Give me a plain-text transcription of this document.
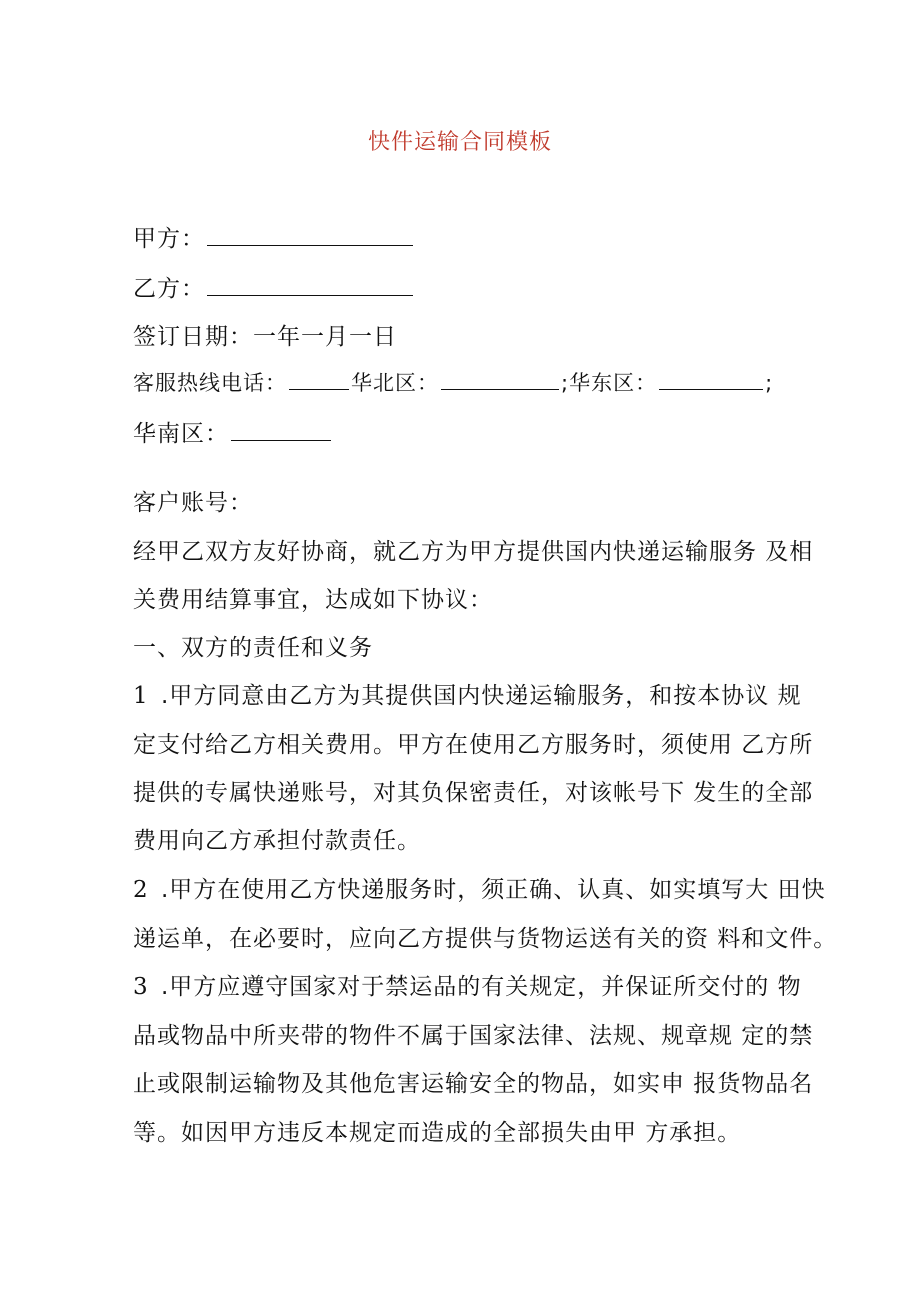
快件运输合同模板
甲方：
乙方：
签订日期：一年一月一日
客服热线电话：	华北区：	;华东区：	;
华南区：
客户账号：
经甲乙双方友好协商，就乙方为甲方提供国内快递运输服务 及相
关费用结算事宜，达成如下协议：
一、双方的责任和义务
1 .甲方同意由乙方为其提供国内快递运输服务，和按本协议 规
定支付给乙方相关费用。甲方在使用乙方服务时，须使用 乙方所
提供的专属快递账号，对其负保密责任，对该帐号下 发生的全部
费用向乙方承担付款责任。
2 .甲方在使用乙方快递服务时，须正确、认真、如实填写大 田快
递运单，在必要时，应向乙方提供与货物运送有关的资 料和文件。
3 .甲方应遵守国家对于禁运品的有关规定，并保证所交付的 物
品或物品中所夹带的物件不属于国家法律、法规、规章规 定的禁
止或限制运输物及其他危害运输安全的物品，如实申 报货物品名
等。如因甲方违反本规定而造成的全部损失由甲 方承担。
